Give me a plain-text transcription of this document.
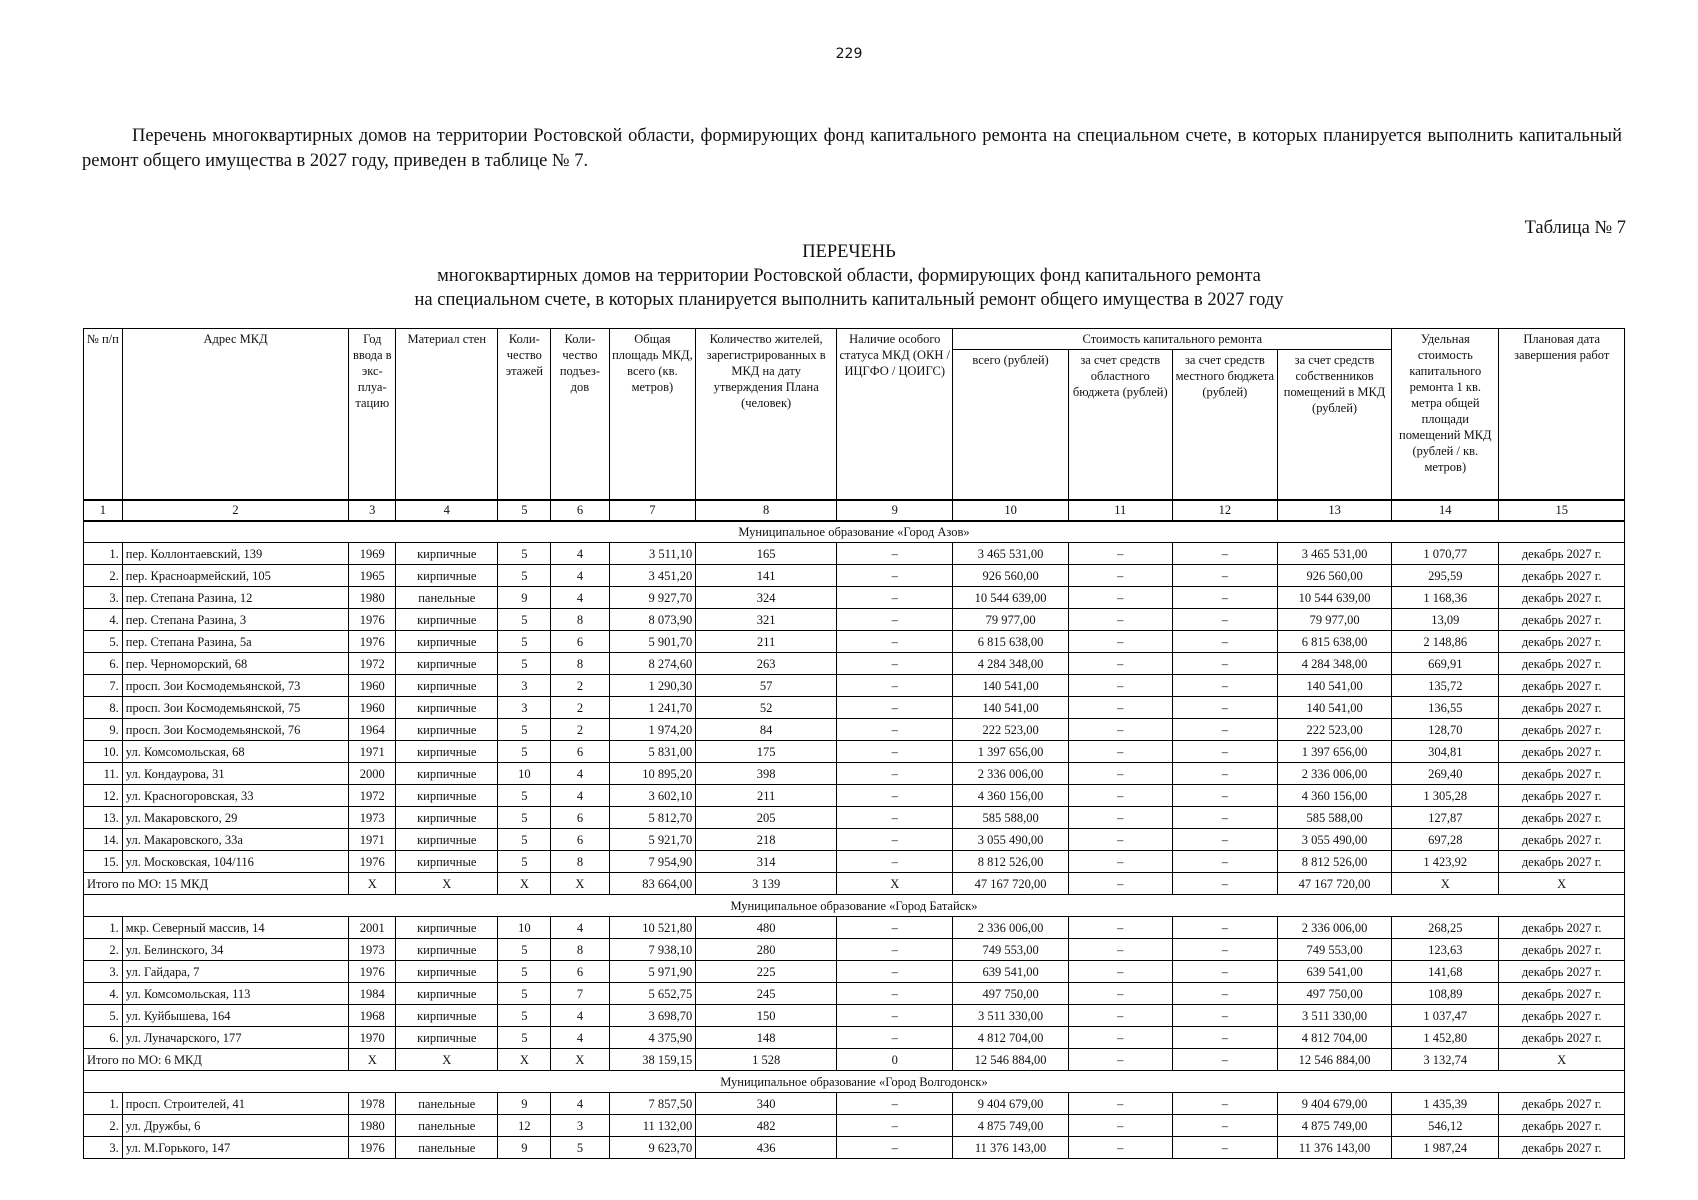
229
Перечень многоквартирных домов на территории Ростовской области, формирующих фонд капитального ремонта на специальном счете, в которых планируется выполнить капитальный ремонт общего имущества в 2027 году, приведен в таблице № 7.
Таблица № 7
ПЕРЕЧЕНЬ
многоквартирных домов на территории Ростовской области, формирующих фонд капитального ремонта
на специальном счете, в которых планируется выполнить капитальный ремонт общего имущества в 2027 году
№ п/п	Адрес МКД	Год ввода в экс-плуа-тацию	Материал стен	Коли-чество этажей	Коли-чество подъез-дов	Общая площадь МКД, всего (кв. метров)	Количество жителей, зарегистрированных в МКД на дату утверждения Плана (человек)	Наличие особого статуса МКД (ОКН / ИЦГФО / ЦОИГС)	Стоимость капитального ремонта				Удельная стоимость капитального ремонта 1 кв. метра общей площади помещений МКД (рублей / кв. метров)	Плановая дата завершения работ
									всего (рублей)	за счет средств областного бюджета (рублей)	за счет средств местного бюджета (рублей)	за счет средств собственников помещений в МКД (рублей)		
1	2	3	4	5	6	7	8	9	10	11	12	13	14	15
Муниципальное образование «Город Азов»														
1.	пер. Коллонтаевский, 139	1969	кирпичные	5	4	3 511,10	165	–	3 465 531,00	–	–	3 465 531,00	1 070,77	декабрь 2027 г.
2.	пер. Красноармейский, 105	1965	кирпичные	5	4	3 451,20	141	–	926 560,00	–	–	926 560,00	295,59	декабрь 2027 г.
3.	пер. Степана Разина, 12	1980	панельные	9	4	9 927,70	324	–	10 544 639,00	–	–	10 544 639,00	1 168,36	декабрь 2027 г.
4.	пер. Степана Разина, 3	1976	кирпичные	5	8	8 073,90	321	–	79 977,00	–	–	79 977,00	13,09	декабрь 2027 г.
5.	пер. Степана Разина, 5а	1976	кирпичные	5	6	5 901,70	211	–	6 815 638,00	–	–	6 815 638,00	2 148,86	декабрь 2027 г.
6.	пер. Черноморский, 68	1972	кирпичные	5	8	8 274,60	263	–	4 284 348,00	–	–	4 284 348,00	669,91	декабрь 2027 г.
7.	просп. Зои Космодемьянской, 73	1960	кирпичные	3	2	1 290,30	57	–	140 541,00	–	–	140 541,00	135,72	декабрь 2027 г.
8.	просп. Зои Космодемьянской, 75	1960	кирпичные	3	2	1 241,70	52	–	140 541,00	–	–	140 541,00	136,55	декабрь 2027 г.
9.	просп. Зои Космодемьянской, 76	1964	кирпичные	5	2	1 974,20	84	–	222 523,00	–	–	222 523,00	128,70	декабрь 2027 г.
10.	ул. Комсомольская, 68	1971	кирпичные	5	6	5 831,00	175	–	1 397 656,00	–	–	1 397 656,00	304,81	декабрь 2027 г.
11.	ул. Кондаурова, 31	2000	кирпичные	10	4	10 895,20	398	–	2 336 006,00	–	–	2 336 006,00	269,40	декабрь 2027 г.
12.	ул. Красногоровская, 33	1972	кирпичные	5	4	3 602,10	211	–	4 360 156,00	–	–	4 360 156,00	1 305,28	декабрь 2027 г.
13.	ул. Макаровского, 29	1973	кирпичные	5	6	5 812,70	205	–	585 588,00	–	–	585 588,00	127,87	декабрь 2027 г.
14.	ул. Макаровского, 33а	1971	кирпичные	5	6	5 921,70	218	–	3 055 490,00	–	–	3 055 490,00	697,28	декабрь 2027 г.
15.	ул. Московская, 104/116	1976	кирпичные	5	8	7 954,90	314	–	8 812 526,00	–	–	8 812 526,00	1 423,92	декабрь 2027 г.
Итого по МО: 15 МКД		X	X	X	X	83 664,00	3 139	X	47 167 720,00	–	–	47 167 720,00	X	X
Муниципальное образование «Город Батайск»														
1.	мкр. Северный массив, 14	2001	кирпичные	10	4	10 521,80	480	–	2 336 006,00	–	–	2 336 006,00	268,25	декабрь 2027 г.
2.	ул. Белинского, 34	1973	кирпичные	5	8	7 938,10	280	–	749 553,00	–	–	749 553,00	123,63	декабрь 2027 г.
3.	ул. Гайдара, 7	1976	кирпичные	5	6	5 971,90	225	–	639 541,00	–	–	639 541,00	141,68	декабрь 2027 г.
4.	ул. Комсомольская, 113	1984	кирпичные	5	7	5 652,75	245	–	497 750,00	–	–	497 750,00	108,89	декабрь 2027 г.
5.	ул. Куйбышева, 164	1968	кирпичные	5	4	3 698,70	150	–	3 511 330,00	–	–	3 511 330,00	1 037,47	декабрь 2027 г.
6.	ул. Луначарского, 177	1970	кирпичные	5	4	4 375,90	148	–	4 812 704,00	–	–	4 812 704,00	1 452,80	декабрь 2027 г.
Итого по МО: 6 МКД		X	X	X	X	38 159,15	1 528	0	12 546 884,00	–	–	12 546 884,00	3 132,74	X
Муниципальное образование «Город Волгодонск»														
1.	просп. Строителей, 41	1978	панельные	9	4	7 857,50	340	–	9 404 679,00	–	–	9 404 679,00	1 435,39	декабрь 2027 г.
2.	ул. Дружбы, 6	1980	панельные	12	3	11 132,00	482	–	4 875 749,00	–	–	4 875 749,00	546,12	декабрь 2027 г.
3.	ул. М.Горького, 147	1976	панельные	9	5	9 623,70	436	–	11 376 143,00	–	–	11 376 143,00	1 987,24	декабрь 2027 г.
